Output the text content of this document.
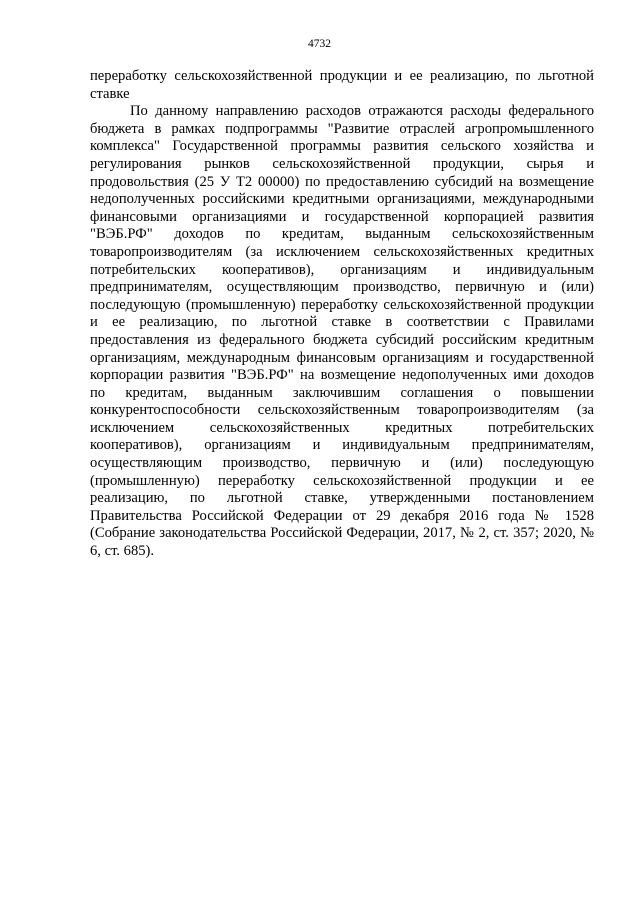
4732

переработку сельскохозяйственной продукции и ее реализацию, по льготной ставке

По данному направлению расходов отражаются расходы федерального бюджета в рамках подпрограммы "Развитие отраслей агропромышленного комплекса" Государственной программы развития сельского хозяйства и регулирования рынков сельскохозяйственной продукции, сырья и продовольствия (25 У Т2 00000) по предоставлению субсидий на возмещение недополученных российскими кредитными организациями, международными финансовыми организациями и государственной корпорацией развития "ВЭБ.РФ" доходов по кредитам, выданным сельскохозяйственным товаропроизводителям (за исключением сельскохозяйственных кредитных потребительских кооперативов), организациям и индивидуальным предпринимателям, осуществляющим производство, первичную и (или) последующую (промышленную) переработку сельскохозяйственной продукции и ее реализацию, по льготной ставке в соответствии с Правилами предоставления из федерального бюджета субсидий российским кредитным организациям, международным финансовым организациям и государственной корпорации развития "ВЭБ.РФ" на возмещение недополученных ими доходов по кредитам, выданным заключившим соглашения о повышении конкурентоспособности сельскохозяйственным товаропроизводителям (за исключением сельскохозяйственных кредитных потребительских кооперативов), организациям и индивидуальным предпринимателям, осуществляющим производство, первичную и (или) последующую (промышленную) переработку сельскохозяйственной продукции и ее реализацию, по льготной ставке, утвержденными постановлением Правительства Российской Федерации от 29 декабря 2016 года № 1528 (Собрание законодательства Российской Федерации, 2017, № 2, ст. 357; 2020, № 6, ст. 685).
